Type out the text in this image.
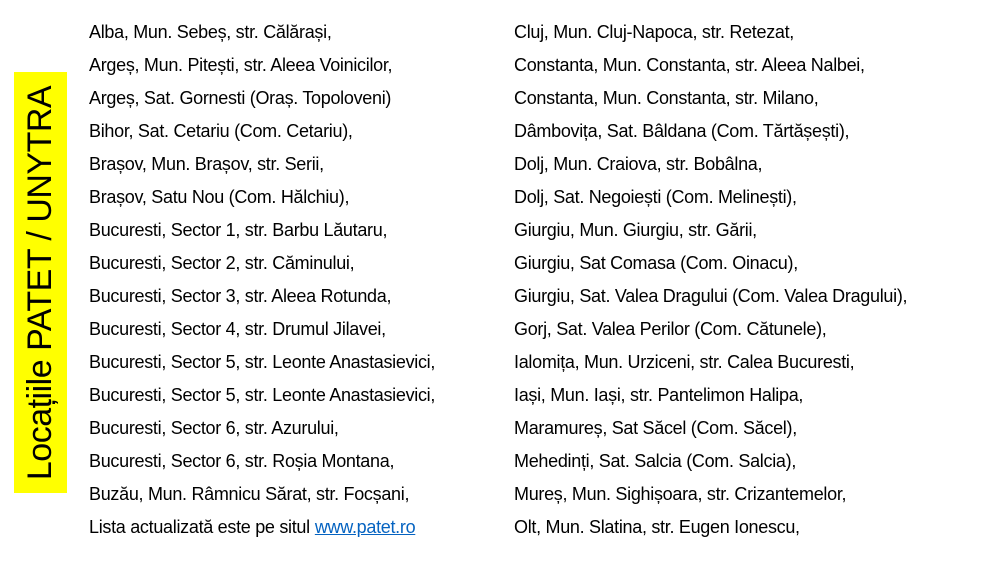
Locațiile PATET / UNYTRA
Alba, Mun. Sebeș, str. Călărași,
Argeș, Mun. Pitești, str. Aleea Voinicilor,
Argeș, Sat. Gornesti (Oraș. Topoloveni)
Bihor, Sat. Cetariu (Com. Cetariu),
Brașov, Mun. Brașov, str. Serii,
Brașov, Satu Nou (Com. Hălchiu),
Bucuresti, Sector 1, str. Barbu Lăutaru,
Bucuresti, Sector 2, str. Căminului,
Bucuresti, Sector 3, str. Aleea Rotunda,
Bucuresti, Sector 4, str. Drumul Jilavei,
Bucuresti, Sector 5, str. Leonte Anastasievici,
Bucuresti, Sector 5, str. Leonte Anastasievici,
Bucuresti, Sector 6, str. Azurului,
Bucuresti, Sector 6, str. Roșia Montana,
Buzău, Mun. Râmnicu Sărat, str. Focșani,
Lista actualizată este pe situl www.patet.ro
Cluj, Mun. Cluj-Napoca, str. Retezat,
Constanta, Mun. Constanta, str. Aleea Nalbei,
Constanta, Mun. Constanta, str. Milano,
Dâmbovița, Sat. Bâldana (Com. Tărtășești),
Dolj, Mun. Craiova, str. Bobâlna,
Dolj, Sat. Negoiești (Com. Melinești),
Giurgiu, Mun. Giurgiu, str. Gării,
Giurgiu, Sat Comasa (Com. Oinacu),
Giurgiu, Sat. Valea Dragului (Com. Valea Dragului),
Gorj, Sat. Valea Perilor (Com. Cătunele),
Ialomița, Mun. Urziceni, str. Calea Bucuresti,
Iași, Mun. Iași, str. Pantelimon Halipa,
Maramureș, Sat Săcel (Com. Săcel),
Mehedinți, Sat. Salcia (Com. Salcia),
Mureș, Mun. Sighișoara, str. Crizantemelor,
Olt, Mun. Slatina, str. Eugen Ionescu,
